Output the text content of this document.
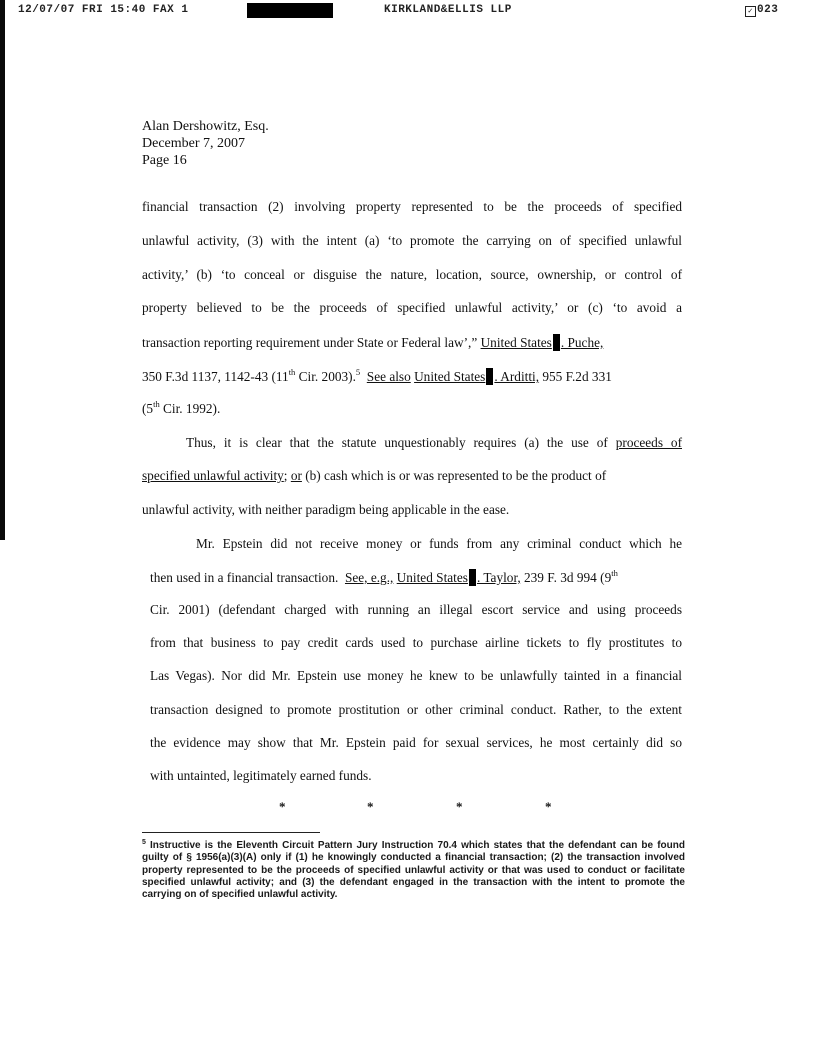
12/07/07 FRI 15:40 FAX 1	KIRKLAND&ELLIS LLP	✓ 023
Alan Dershowitz, Esq.
December 7, 2007
Page 16
financial transaction (2) involving property represented to be the proceeds of specified
unlawful activity, (3) with the intent (a) ‘to promote the carrying on of specified unlawful
activity,’ (b) ‘to conceal or disguise the nature, location, source, ownership, or control of
property believed to be the proceeds of specified unlawful activity,’ or (c) ‘to avoid a
transaction reporting requirement under State or Federal law’,” United States . Puche,
350 F.3d 1137, 1142-43 (11th Cir. 2003).$^5$ See also United States . Arditti, 955 F.2d 331
(5th Cir. 1992).
Thus, it is clear that the statute unquestionably requires (a) the use of proceeds of
specified unlawful activity; or (b) cash which is or was represented to be the product of
unlawful activity, with neither paradigm being applicable in the ease.
Mr. Epstein did not receive money or funds from any criminal conduct which he
then used in a financial transaction. See, e.g., United States . Taylor, 239 F. 3d 994 (9th
Cir. 2001) (defendant charged with running an illegal escort service and using proceeds
from that business to pay credit cards used to purchase airline tickets to fly prostitutes to
Las Vegas). Nor did Mr. Epstein use money he knew to be unlawfully tainted in a financial
transaction designed to promote prostitution or other criminal conduct. Rather, to the extent
the evidence may show that Mr. Epstein paid for sexual services, he most certainly did so
with untainted, legitimately earned funds.
*	*	*	*
$^5$ Instructive is the Eleventh Circuit Pattern Jury Instruction 70.4 which states that the defendant can be found guilty of § 1956(a)(3)(A) only if (1) he knowingly conducted a financial transaction; (2) the transaction involved property represented to be the proceeds of specified unlawful activity or that was used to conduct or facilitate specified unlawful activity; and (3) the defendant engaged in the transaction with the intent to promote the carrying on of specified unlawful activity.
